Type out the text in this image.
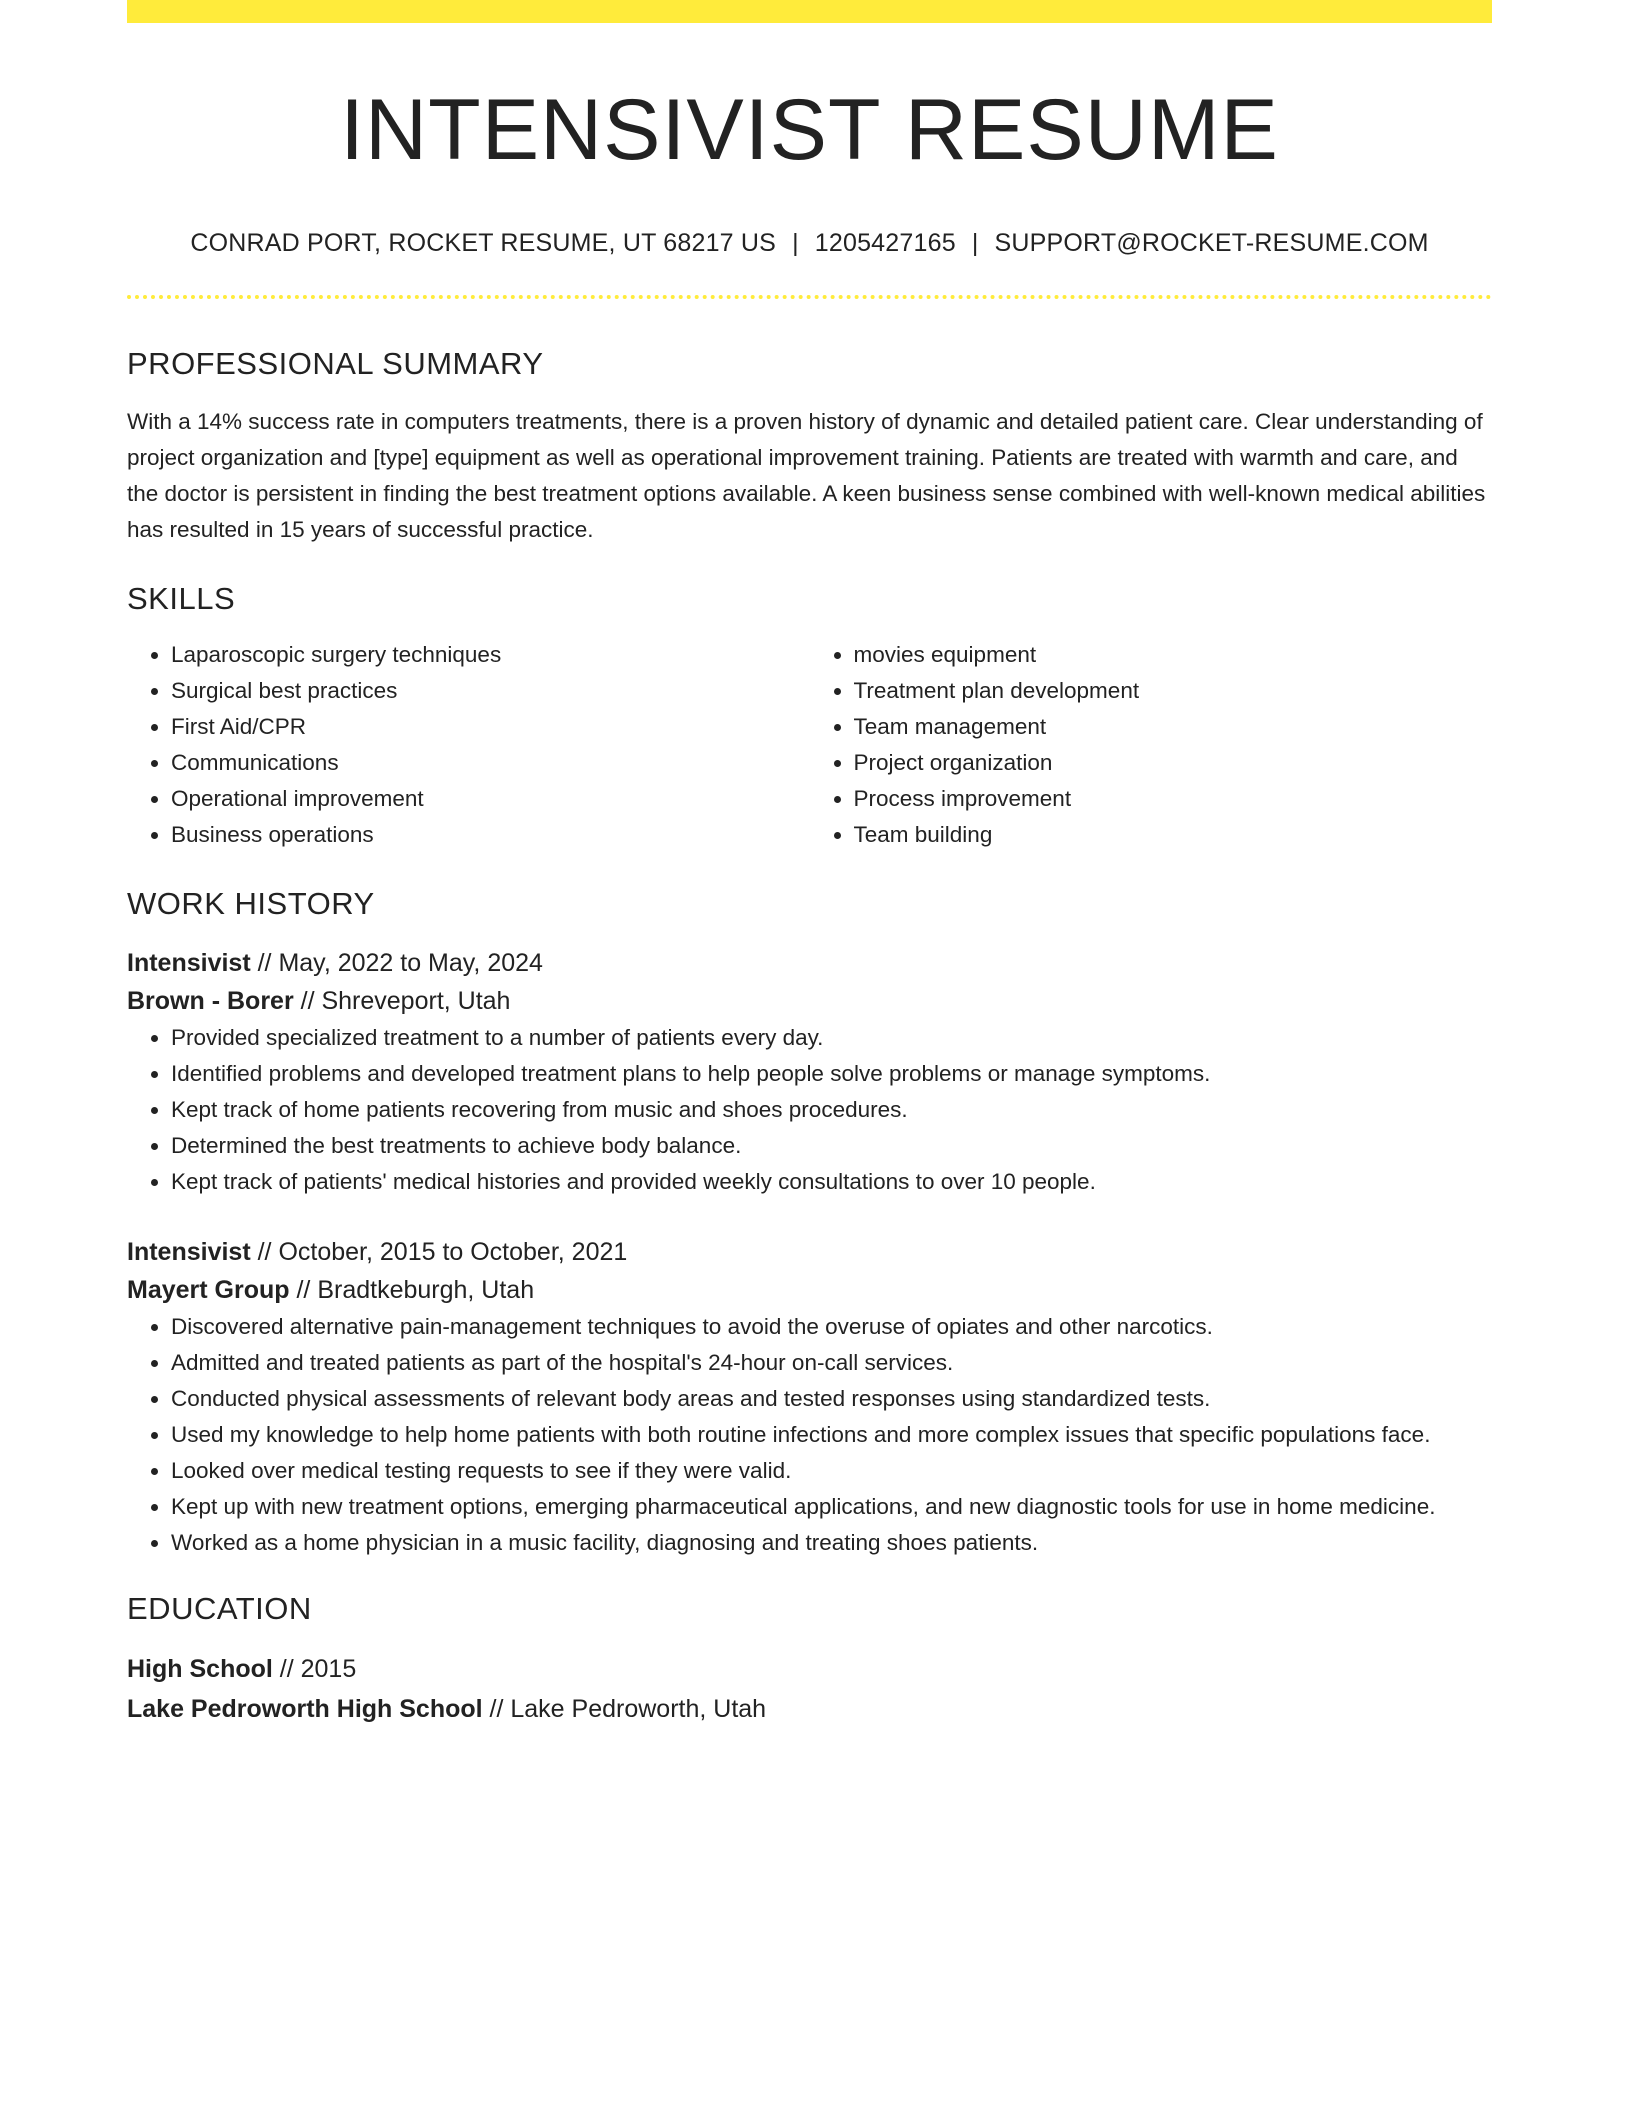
INTENSIVIST RESUME
CONRAD PORT, ROCKET RESUME, UT 68217 US | 1205427165 | SUPPORT@ROCKET-RESUME.COM
PROFESSIONAL SUMMARY
With a 14% success rate in computers treatments, there is a proven history of dynamic and detailed patient care. Clear understanding of project organization and [type] equipment as well as operational improvement training. Patients are treated with warmth and care, and the doctor is persistent in finding the best treatment options available. A keen business sense combined with well-known medical abilities has resulted in 15 years of successful practice.
SKILLS
• Laparoscopic surgery techniques
• Surgical best practices
• First Aid/CPR
• Communications
• Operational improvement
• Business operations
• movies equipment
• Treatment plan development
• Team management
• Project organization
• Process improvement
• Team building
WORK HISTORY
Intensivist // May, 2022 to May, 2024
Brown - Borer // Shreveport, Utah
• Provided specialized treatment to a number of patients every day.
• Identified problems and developed treatment plans to help people solve problems or manage symptoms.
• Kept track of home patients recovering from music and shoes procedures.
• Determined the best treatments to achieve body balance.
• Kept track of patients' medical histories and provided weekly consultations to over 10 people.
Intensivist // October, 2015 to October, 2021
Mayert Group // Bradtkeburgh, Utah
• Discovered alternative pain-management techniques to avoid the overuse of opiates and other narcotics.
• Admitted and treated patients as part of the hospital's 24-hour on-call services.
• Conducted physical assessments of relevant body areas and tested responses using standardized tests.
• Used my knowledge to help home patients with both routine infections and more complex issues that specific populations face.
• Looked over medical testing requests to see if they were valid.
• Kept up with new treatment options, emerging pharmaceutical applications, and new diagnostic tools for use in home medicine.
• Worked as a home physician in a music facility, diagnosing and treating shoes patients.
EDUCATION
High School // 2015
Lake Pedroworth High School // Lake Pedroworth, Utah
